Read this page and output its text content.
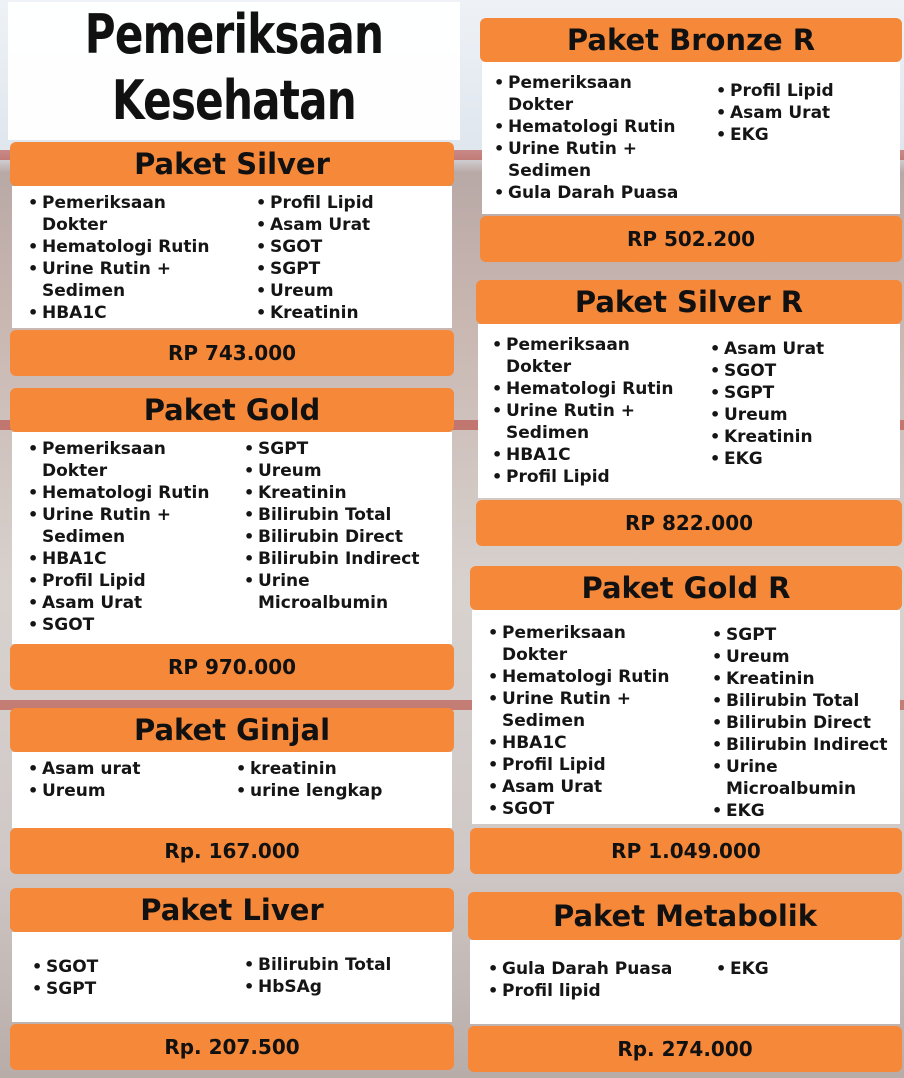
Pemeriksaan
Kesehatan
Paket Silver
• Pemeriksaan
Dokter
• Hematologi Rutin
• Urine Rutin +
Sedimen
• HBA1C
• Profil Lipid
• Asam Urat
• SGOT
• SGPT
• Ureum
• Kreatinin
RP 743.000
Paket Gold
• Pemeriksaan
Dokter
• Hematologi Rutin
• Urine Rutin +
Sedimen
• HBA1C
• Profil Lipid
• Asam Urat
• SGOT
• SGPT
• Ureum
• Kreatinin
• Bilirubin Total
• Bilirubin Direct
• Bilirubin Indirect
• Urine
Microalbumin
RP 970.000
Paket Ginjal
• Asam urat
• Ureum
• kreatinin
• urine lengkap
Rp. 167.000
Paket Liver
• SGOT
• SGPT
• Bilirubin Total
• HbSAg
Rp. 207.500
Paket Bronze R
• Pemeriksaan
Dokter
• Hematologi Rutin
• Urine Rutin +
Sedimen
• Gula Darah Puasa
• Profil Lipid
• Asam Urat
• EKG
RP 502.200
Paket Silver R
• Pemeriksaan
Dokter
• Hematologi Rutin
• Urine Rutin +
Sedimen
• HBA1C
• Profil Lipid
• Asam Urat
• SGOT
• SGPT
• Ureum
• Kreatinin
• EKG
RP 822.000
Paket Gold R
• Pemeriksaan
Dokter
• Hematologi Rutin
• Urine Rutin +
Sedimen
• HBA1C
• Profil Lipid
• Asam Urat
• SGOT
• SGPT
• Ureum
• Kreatinin
• Bilirubin Total
• Bilirubin Direct
• Bilirubin Indirect
• Urine
Microalbumin
• EKG
RP 1.049.000
Paket Metabolik
• Gula Darah Puasa
• Profil lipid
• EKG
Rp. 274.000
